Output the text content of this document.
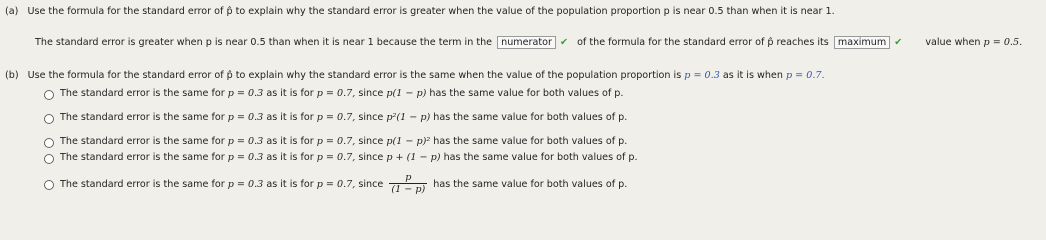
(a) Use the formula for the standard error of p̂ to explain why the standard error is greater when the value of the population proportion p is near 0.5 than when it is near 1.
The standard error is greater when p is near 0.5 than when it is near 1 because the term in the numerator ✔ of the formula for the standard error of p̂ reaches its maximum ✔ value when p = 0.5.
(b) Use the formula for the standard error of p̂ to explain why the standard error is the same when the value of the population proportion is p = 0.3 as it is when p = 0.7.
The standard error is the same for p = 0.3 as it is for p = 0.7, since p(1 − p) has the same value for both values of p.
The standard error is the same for p = 0.3 as it is for p = 0.7, since p²(1 − p) has the same value for both values of p.
The standard error is the same for p = 0.3 as it is for p = 0.7, since p(1 − p)² has the same value for both values of p.
The standard error is the same for p = 0.3 as it is for p = 0.7, since p + (1 − p) has the same value for both values of p.
The standard error is the same for p = 0.3 as it is for p = 0.7, since $\frac{p}{(1 - p)}$ has the same value for both values of p.
